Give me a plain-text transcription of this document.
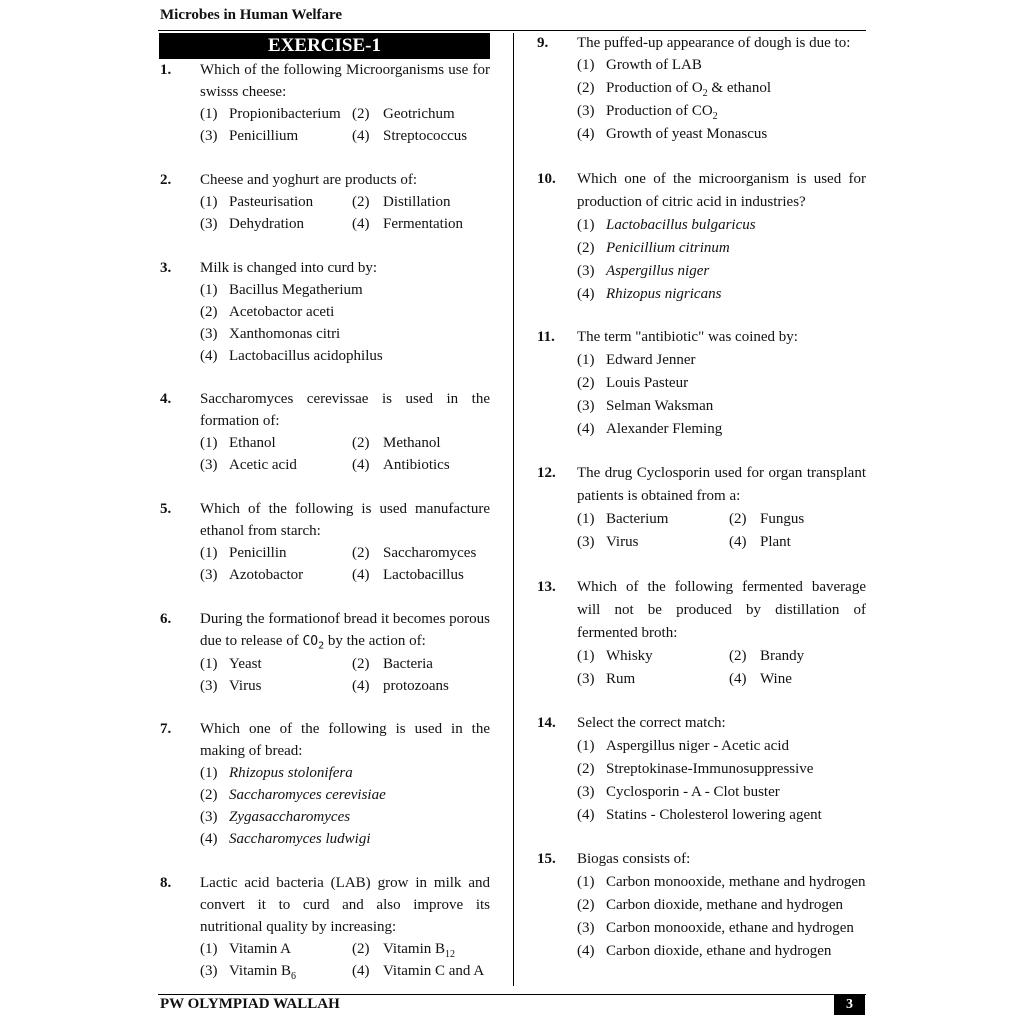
Microbes in Human Welfare
EXERCISE-1
1. Which of the following Microorganisms use for swisss cheese:
(1) Propionibacterium (2) Geotrichum
(3) Penicillium	(4) Streptococcus
2. Cheese and yoghurt are products of:
(1) Pasteurisation	(2) Distillation
(3) Dehydration	(4) Fermentation
3. Milk is changed into curd by:
(1) Bacillus Megatherium
(2) Acetobactor aceti
(3) Xanthomonas citri
(4) Lactobacillus acidophilus
4. Saccharomyces cerevissae is used in the formation of:
(1) Ethanol	(2) Methanol
(3) Acetic acid	(4) Antibiotics
5. Which of the following is used manufacture ethanol from starch:
(1) Penicillin	(2) Saccharomyces
(3) Azotobactor	(4) Lactobacillus
6. During the formationof bread it becomes porous due to release of $CO_2$ by the action of:
(1) Yeast	(2) Bacteria
(3) Virus	(4) protozoans
7. Which one of the following is used in the making of bread:
(1) Rhizopus stolonifera
(2) Saccharomyces cerevisiae
(3) Zygasaccharomyces
(4) Saccharomyces ludwigi
8. Lactic acid bacteria (LAB) grow in milk and convert it to curd and also improve its nutritional quality by increasing:
(1) Vitamin A	(2) Vitamin $B_{12}$
(3) Vitamin $B_6$	(4) Vitamin C and A
9. The puffed-up appearance of dough is due to:
(1) Growth of LAB
(2) Production of $O_2$ & ethanol
(3) Production of $CO_2$
(4) Growth of yeast Monascus
10. Which one of the microorganism is used for production of citric acid in industries?
(1) Lactobacillus bulgaricus
(2) Penicillium citrinum
(3) Aspergillus niger
(4) Rhizopus nigricans
11. The term "antibiotic" was coined by:
(1) Edward Jenner
(2) Louis Pasteur
(3) Selman Waksman
(4) Alexander Fleming
12. The drug Cyclosporin used for organ transplant patients is obtained from a:
(1) Bacterium	(2) Fungus
(3) Virus	(4) Plant
13. Which of the following fermented baverage will not be produced by distillation of fermented broth:
(1) Whisky	(2) Brandy
(3) Rum	(4) Wine
14. Select the correct match:
(1) Aspergillus niger - Acetic acid
(2) Streptokinase-Immunosuppressive
(3) Cyclosporin - A - Clot buster
(4) Statins - Cholesterol lowering agent
15. Biogas consists of:
(1) Carbon monooxide, methane and hydrogen
(2) Carbon dioxide, methane and hydrogen
(3) Carbon monooxide, ethane and hydrogen
(4) Carbon dioxide, ethane and hydrogen
PW OLYMPIAD WALLAH	3
